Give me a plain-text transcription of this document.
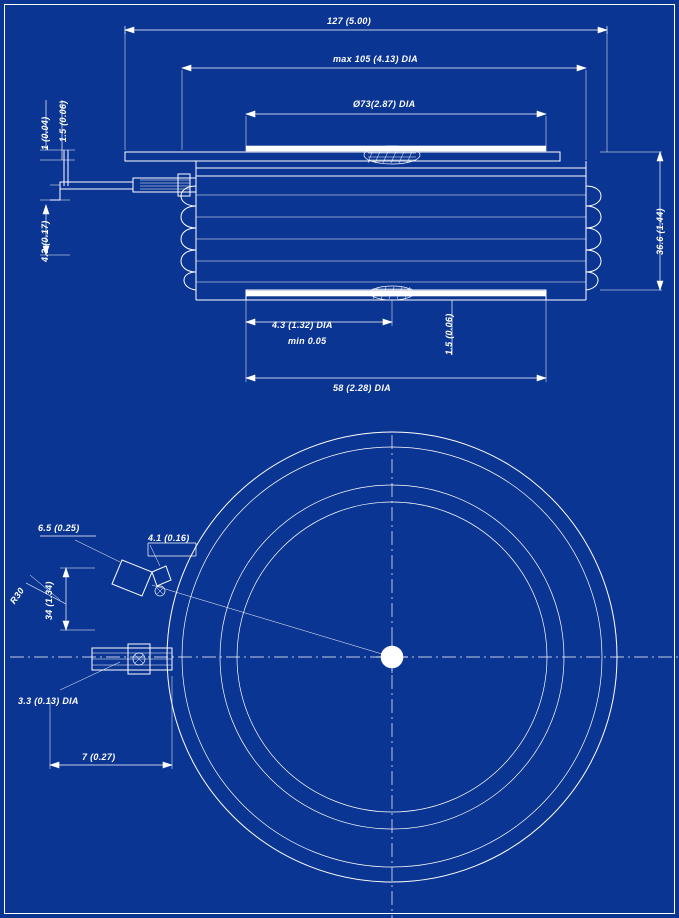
127 (5.00)
max 105 (4.13) DIA
Ø73(2.87) DIA
1 (0.04) 1.5 (0.06)
4.3 (0.17)	36.6 (1.44)
4.3 (1.32) DIA
min 0.05	1.5 (0.06)
58 (2.28) DIA
6.5 (0.25)
4.1 (0.16)
R30 34 (1.34)
3.3 (0.13) DIA
7 (0.27)
